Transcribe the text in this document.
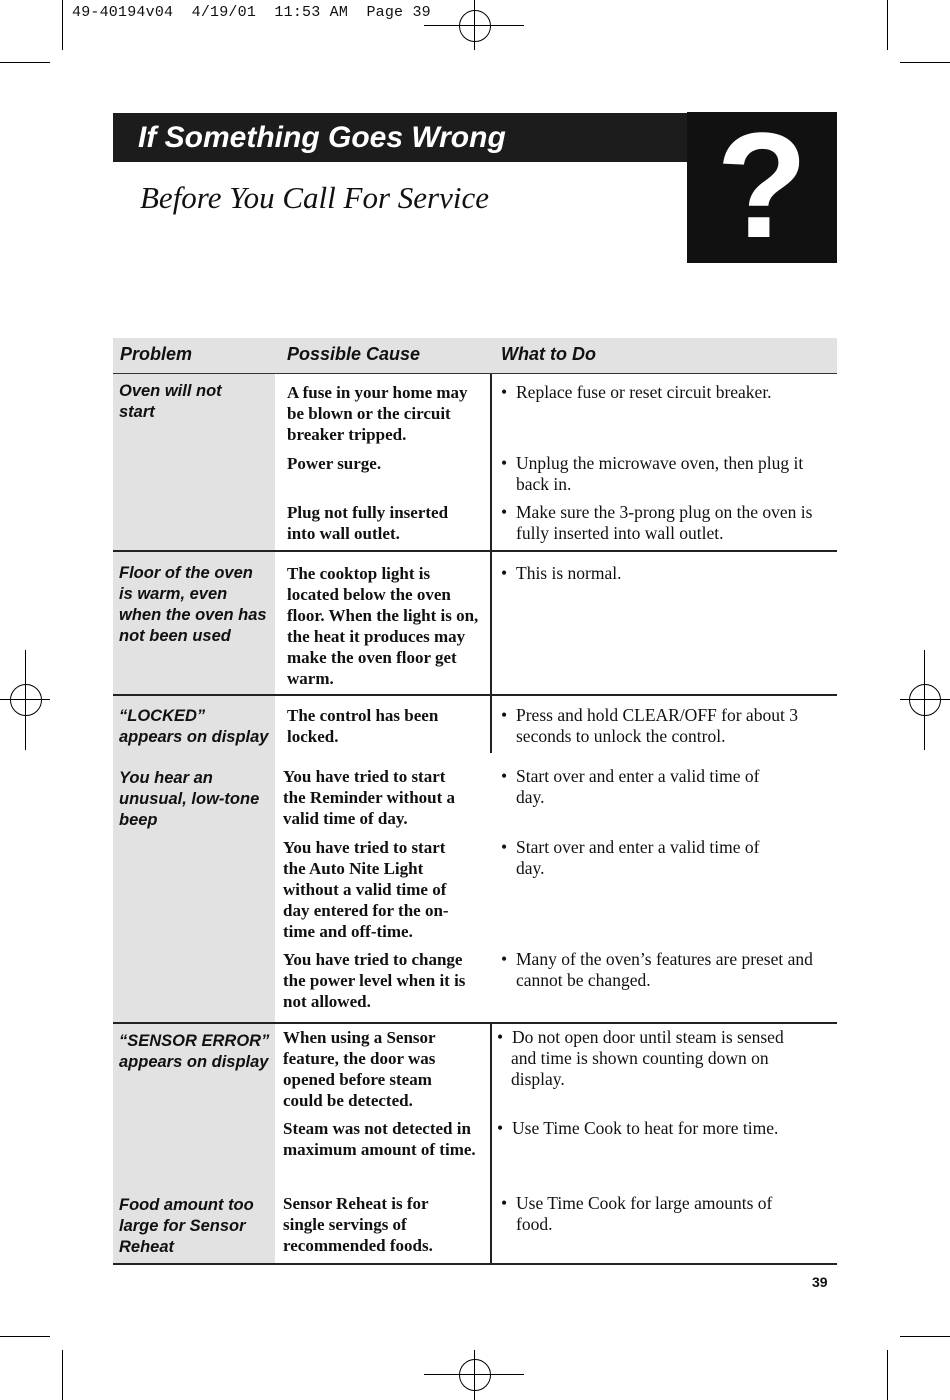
49-40194v04  4/19/01  11:53 AM  Page 39
If Something Goes Wrong
Before You Call For Service ?
Problem	Possible Cause	What to Do
Oven will not start
A fuse in your home may be blown or the circuit breaker tripped.
Power surge.
Plug not fully inserted into wall outlet.
• Replace fuse or reset circuit breaker.
• Unplug the microwave oven, then plug it back in.
• Make sure the 3-prong plug on the oven is fully inserted into wall outlet.
Floor of the oven is warm, even when the oven has not been used
The cooktop light is located below the oven floor. When the light is on, the heat it produces may make the oven floor get warm.
• This is normal.
“LOCKED” appears on display
The control has been locked.
• Press and hold CLEAR/OFF for about 3 seconds to unlock the control.
You hear an unusual, low-tone beep
You have tried to start the Reminder without a valid time of day.
You have tried to start the Auto Nite Light without a valid time of day entered for the on-time and off-time.
You have tried to change the power level when it is not allowed.
• Start over and enter a valid time of day.
• Start over and enter a valid time of day.
• Many of the oven’s features are preset and cannot be changed.
“SENSOR ERROR” appears on display
When using a Sensor feature, the door was opened before steam could be detected.
Steam was not detected in maximum amount of time.
• Do not open door until steam is sensed and time is shown counting down on display.
• Use Time Cook to heat for more time.
Food amount too large for Sensor Reheat
Sensor Reheat is for single servings of recommended foods.
• Use Time Cook for large amounts of food.
39
